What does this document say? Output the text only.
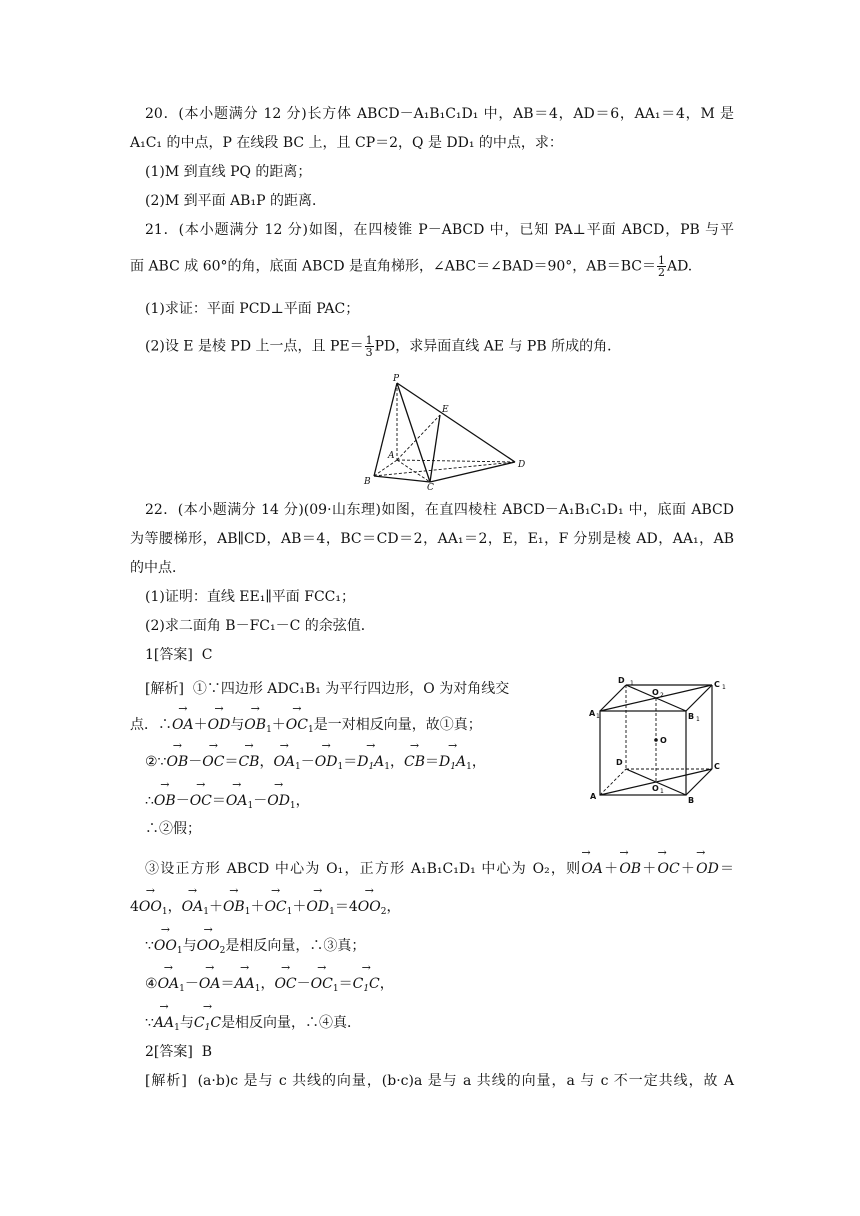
20．(本小题满分 12 分)长方体 ABCD－A₁B₁C₁D₁ 中，AB＝4，AD＝6，AA₁＝4，M 是
A₁C₁ 的中点，P 在线段 BC 上，且 CP＝2，Q 是 DD₁ 的中点，求：
(1)M 到直线 PQ 的距离；
(2)M 到平面 AB₁P 的距离．
21．(本小题满分 12 分)如图，在四棱锥 P－ABCD 中，已知 PA⊥平面 ABCD，PB 与平
面 ABC 成 60°的角，底面 ABCD 是直角梯形，∠ABC＝∠BAD＝90°，$AB=BC= \frac{1}{2}$ AD.
(1)求证：平面 PCD⊥平面 PAC；
(2)设 E 是棱 PD 上一点，且 $PE= \frac{1}{3}$ PD，求异面直线 AE 与 PB 所成的角．
P
E
A
B
C
D
22．(本小题满分 14 分)(09·山东理)如图，在直四棱柱 ABCD－A₁B₁C₁D₁ 中，底面 ABCD
为等腰梯形，AB∥CD，AB＝4，BC＝CD＝2，AA₁＝2，E，E₁，F 分别是棱 AD，AA₁，AB
的中点．
(1)证明：直线 EE₁∥平面 FCC₁；
(2)求二面角 B－FC₁－C 的余弦值．
1[答案] C
[解析] ①∵四边形 ADC₁B₁ 为平行四边形，O 为对角线交
点．∴→ OA＋→ OD与→ $OB_1+\to OC_1$是一对相反向量，故①真；
②∵→ OB－→ OC＝→ CB，→ $OA_1-\to OD_1=\to D_1A_1$，→ $CB=\to D_1A_1$，
∴→ $OB-\to OC=\to OA_1-\to OD_1$，
∴②假；
D
O
C
A	B
O
D	C
A
O
B
1
2
1
1	1
1
③设正方形 ABCD 中心为 O₁，正方形 A₁B₁C₁D₁ 中心为 O₂，则→ OA＋→ OB＋→ OC＋→ OD＝
$4\to OO_1$，→ $OA_1+\to OB_1+\to OC_1+\to OD_1=4\to OO_2$，
∵→ $OO_1$与→ $OO_2$是相反向量，∴③真；
④→ $OA_1-\to OA=\to AA_1$，→ $OC-\to OC_1=\to C_1C$，
∵→ $AA_1$与→ $C_1C$是相反向量，∴④真．
2[答案] B
[解析] (a·b)c 是与 c 共线的向量，(b·c)a 是与 a 共线的向量，a 与 c 不一定共线，故 A
